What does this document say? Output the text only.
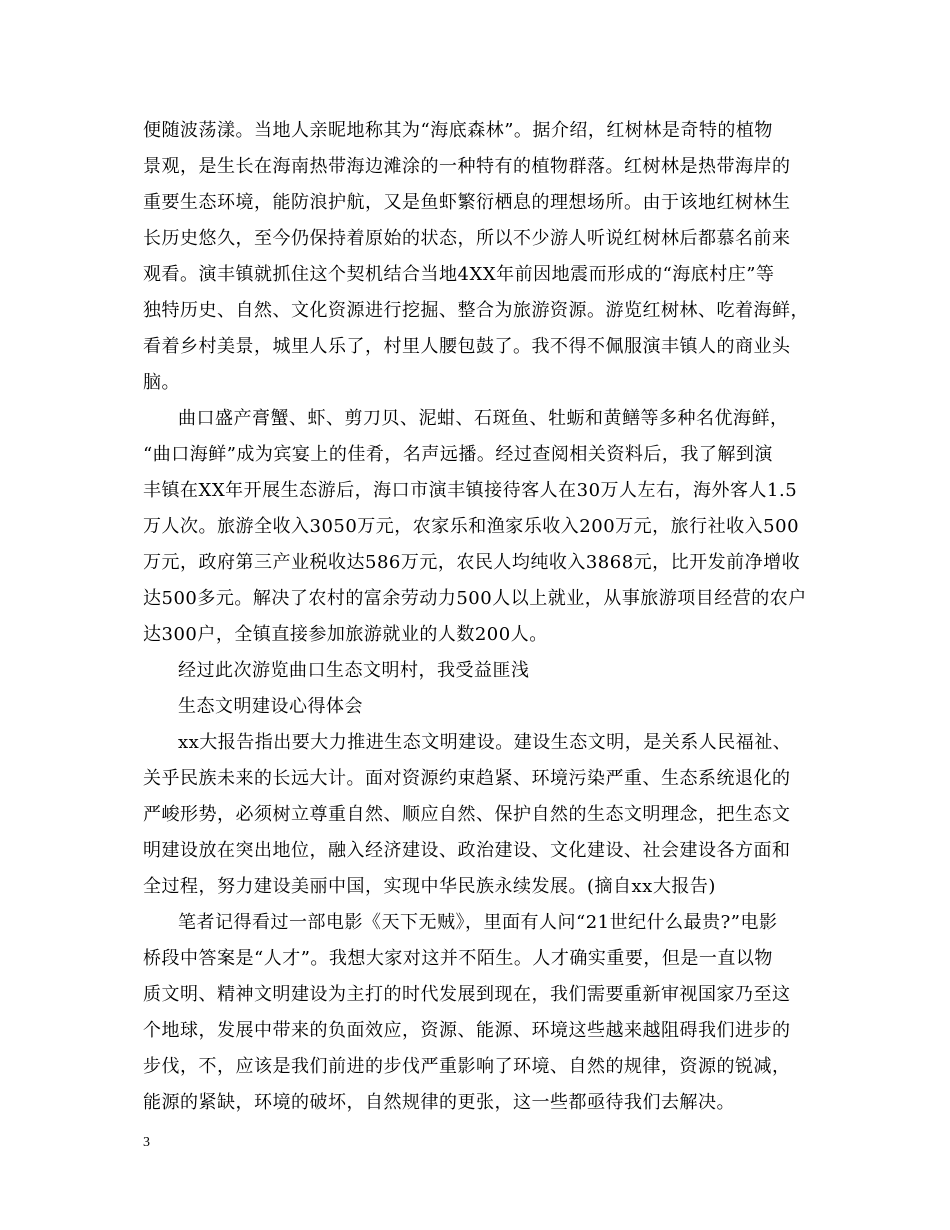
便随波荡漾。当地人亲昵地称其为“海底森林”。据介绍，红树林是奇特的植物
景观，是生长在海南热带海边滩涂的一种特有的植物群落。红树林是热带海岸的
重要生态环境，能防浪护航，又是鱼虾繁衍栖息的理想场所。由于该地红树林生
长历史悠久，至今仍保持着原始的状态，所以不少游人听说红树林后都慕名前来
观看。演丰镇就抓住这个契机结合当地4XX年前因地震而形成的“海底村庄”等
独特历史、自然、文化资源进行挖掘、整合为旅游资源。游览红树林、吃着海鲜，
看着乡村美景，城里人乐了，村里人腰包鼓了。我不得不佩服演丰镇人的商业头
脑。
曲口盛产膏蟹、虾、剪刀贝、泥蚶、石斑鱼、牡蛎和黄鳝等多种名优海鲜，
“曲口海鲜”成为宾宴上的佳肴，名声远播。经过查阅相关资料后，我了解到演
丰镇在XX年开展生态游后，海口市演丰镇接待客人在30万人左右，海外客人1.5
万人次。旅游全收入3050万元，农家乐和渔家乐收入200万元，旅行社收入500
万元，政府第三产业税收达586万元，农民人均纯收入3868元，比开发前净增收
达500多元。解决了农村的富余劳动力500人以上就业，从事旅游项目经营的农户
达300户，全镇直接参加旅游就业的人数200人。
经过此次游览曲口生态文明村，我受益匪浅
生态文明建设心得体会
xx大报告指出要大力推进生态文明建设。建设生态文明，是关系人民福祉、
关乎民族未来的长远大计。面对资源约束趋紧、环境污染严重、生态系统退化的
严峻形势，必须树立尊重自然、顺应自然、保护自然的生态文明理念，把生态文
明建设放在突出地位，融入经济建设、政治建设、文化建设、社会建设各方面和
全过程，努力建设美丽中国，实现中华民族永续发展。(摘自xx大报告)
笔者记得看过一部电影《天下无贼》，里面有人问“21世纪什么最贵?”电影
桥段中答案是“人才”。我想大家对这并不陌生。人才确实重要，但是一直以物
质文明、精神文明建设为主打的时代发展到现在，我们需要重新审视国家乃至这
个地球，发展中带来的负面效应，资源、能源、环境这些越来越阻碍我们进步的
步伐，不，应该是我们前进的步伐严重影响了环境、自然的规律，资源的锐减，
能源的紧缺，环境的破坏，自然规律的更张，这一些都亟待我们去解决。
3
